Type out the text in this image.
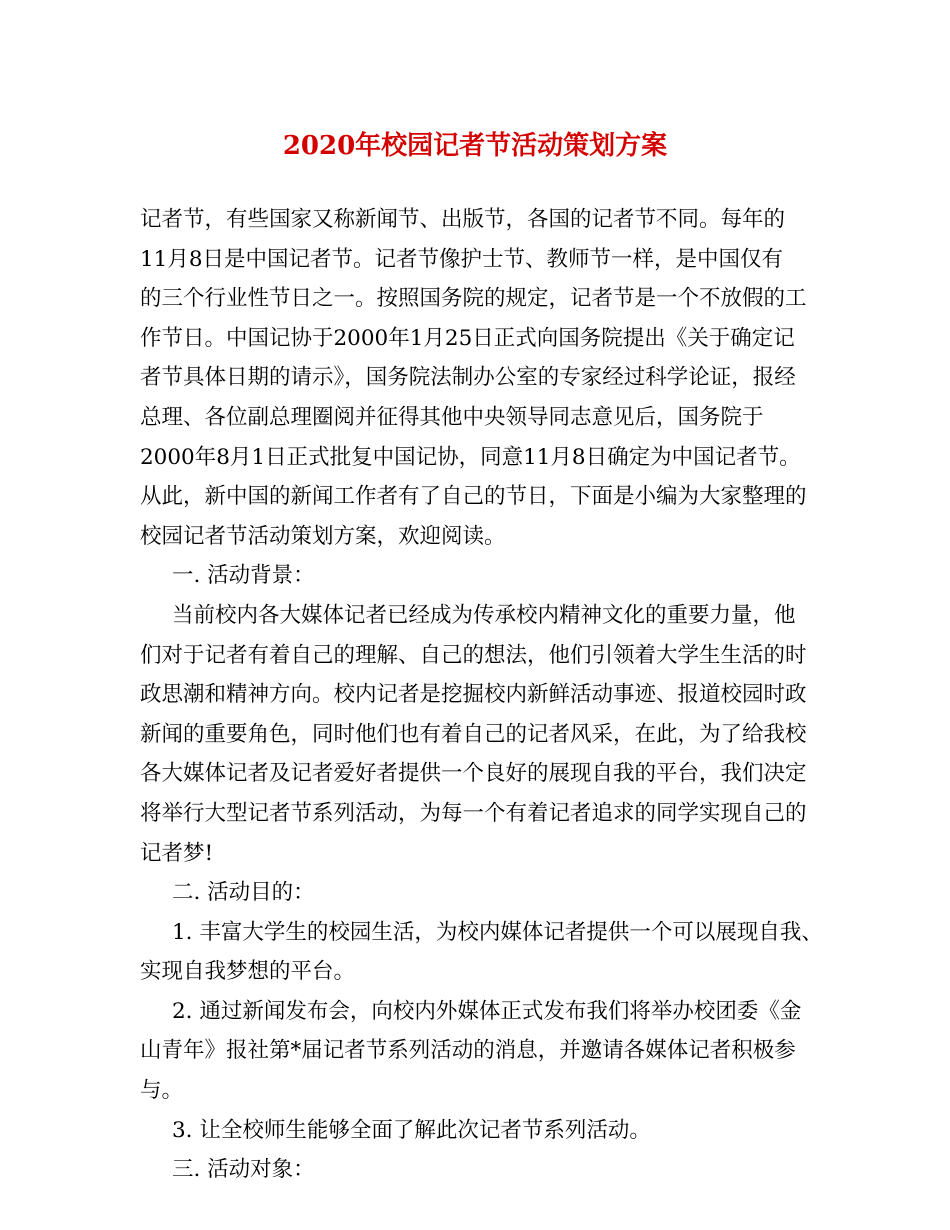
2020年校园记者节活动策划方案
记者节，有些国家又称新闻节、出版节，各国的记者节不同。每年的
11月8日是中国记者节。记者节像护士节、教师节一样，是中国仅有
的三个行业性节日之一。按照国务院的规定，记者节是一个不放假的工
作节日。中国记协于2000年1月25日正式向国务院提出《关于确定记
者节具体日期的请示》，国务院法制办公室的专家经过科学论证，报经
总理、各位副总理圈阅并征得其他中央领导同志意见后，国务院于
2000年8月1日正式批复中国记协，同意11月8日确定为中国记者节。
从此，新中国的新闻工作者有了自己的节日，下面是小编为大家整理的
校园记者节活动策划方案，欢迎阅读。
一. 活动背景：
当前校内各大媒体记者已经成为传承校内精神文化的重要力量，他
们对于记者有着自己的理解、自己的想法，他们引领着大学生生活的时
政思潮和精神方向。校内记者是挖掘校内新鲜活动事迹、报道校园时政
新闻的重要角色，同时他们也有着自己的记者风采，在此，为了给我校
各大媒体记者及记者爱好者提供一个良好的展现自我的平台，我们决定
将举行大型记者节系列活动，为每一个有着记者追求的同学实现自己的
记者梦!
二. 活动目的：
1. 丰富大学生的校园生活，为校内媒体记者提供一个可以展现自我、
实现自我梦想的平台。
2. 通过新闻发布会，向校内外媒体正式发布我们将举办校团委《金
山青年》报社第*届记者节系列活动的消息，并邀请各媒体记者积极参
与。
3. 让全校师生能够全面了解此次记者节系列活动。
三. 活动对象：
